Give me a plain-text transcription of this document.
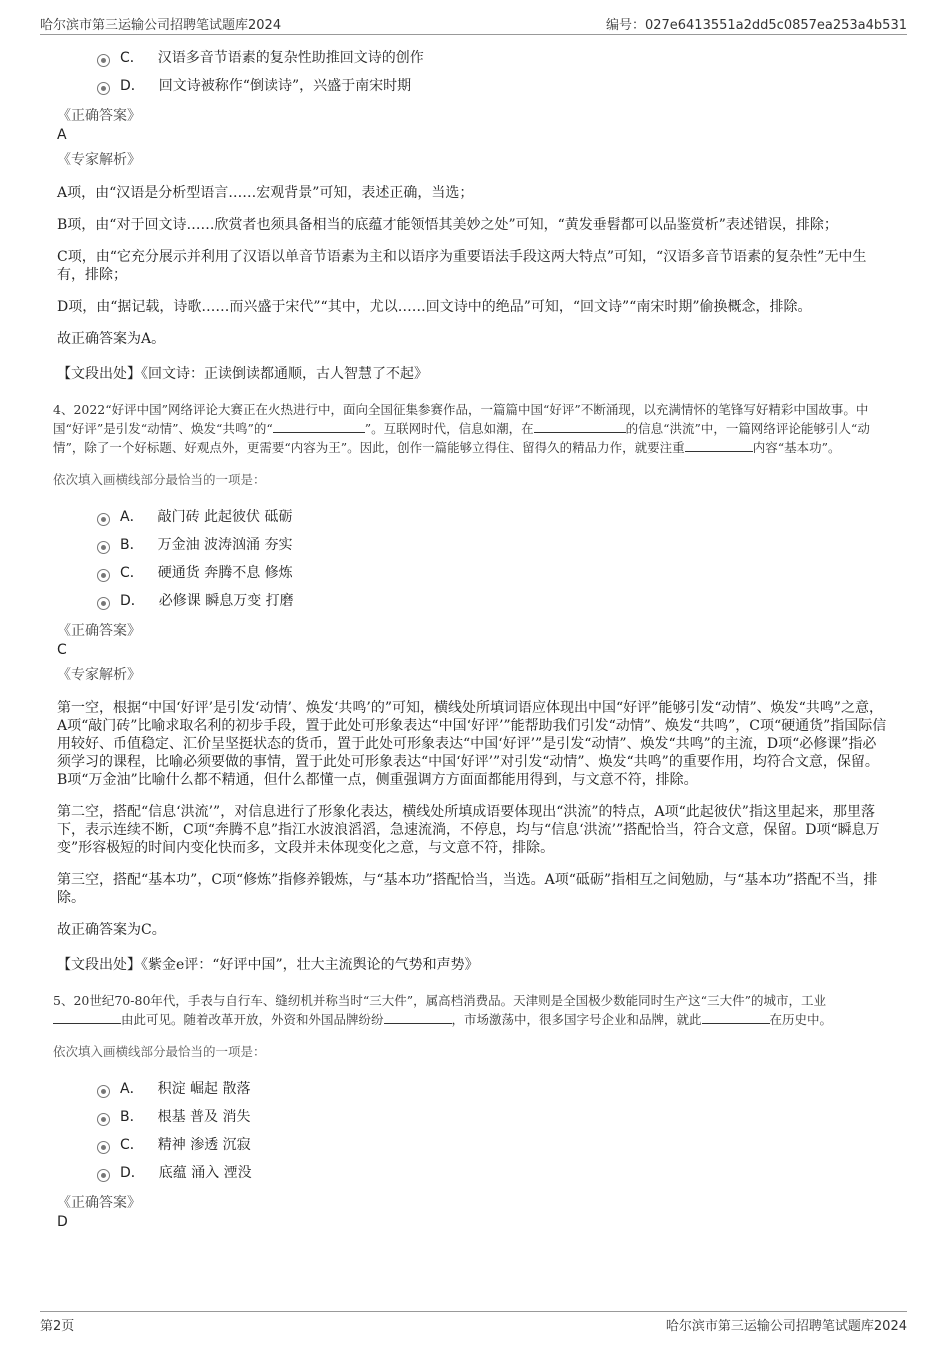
哈尔滨市第三运输公司招聘笔试题库2024	编号：027e6413551a2dd5c0857ea253a4b531
C． 汉语多音节语素的复杂性助推回文诗的创作
D． 回文诗被称作“倒读诗”，兴盛于南宋时期
《正确答案》
A
《专家解析》
A项，由“汉语是分析型语言……宏观背景”可知，表述正确，当选；
B项，由“对于回文诗……欣赏者也须具备相当的底蕴才能领悟其美妙之处”可知，“黄发垂髫都可以品鉴赏析”表述错误，排除；
C项，由“它充分展示并利用了汉语以单音节语素为主和以语序为重要语法手段这两大特点”可知，“汉语多音节语素的复杂性”无中生有，排除；
D项，由“据记载，诗歌……而兴盛于宋代”“其中，尤以……回文诗中的绝品”可知，“回文诗”“南宋时期”偷换概念，排除。
故正确答案为A。
【文段出处】《回文诗：正读倒读都通顺，古人智慧了不起》
4、2022“好评中国”网络评论大赛正在火热进行中，面向全国征集参赛作品，一篇篇中国“好评”不断涌现，以充满情怀的笔锋写好精彩中国故事。中国“好评”是引发“动情”、焕发“共鸣”的“	”。互联网时代，信息如潮，在	的信息“洪流”中，一篇网络评论能够引人“动情”，除了一个好标题、好观点外，更需要“内容为王”。因此，创作一篇能够立得住、留得久的精品力作，就要注重	内容“基本功”。
依次填入画横线部分最恰当的一项是：
A． 敲门砖 此起彼伏 砥砺
B． 万金油 波涛汹涌 夯实
C． 硬通货 奔腾不息 修炼
D． 必修课 瞬息万变 打磨
《正确答案》
C
《专家解析》
第一空，根据“中国‘好评’是引发‘动情’、焕发‘共鸣’的”可知，横线处所填词语应体现出中国“好评”能够引发“动情”、焕发“共鸣”之意，A项“敲门砖”比喻求取名利的初步手段，置于此处可形象表达“中国‘好评’”能帮助我们引发“动情”、焕发“共鸣”，C项“硬通货”指国际信用较好、币值稳定、汇价呈坚挺状态的货币，置于此处可形象表达“中国‘好评’”是引发“动情”、焕发“共鸣”的主流，D项“必修课”指必须学习的课程，比喻必须要做的事情，置于此处可形象表达“中国‘好评’”对引发“动情”、焕发“共鸣”的重要作用，均符合文意，保留。B项“万金油”比喻什么都不精通，但什么都懂一点，侧重强调方方面面都能用得到，与文意不符，排除。
第二空，搭配“信息‘洪流’”，对信息进行了形象化表达，横线处所填成语要体现出“洪流”的特点，A项“此起彼伏”指这里起来，那里落下，表示连续不断，C项“奔腾不息”指江水波浪滔滔，急速流淌，不停息，均与“信息‘洪流’”搭配恰当，符合文意，保留。D项“瞬息万变”形容极短的时间内变化快而多，文段并未体现变化之意，与文意不符，排除。
第三空，搭配“基本功”，C项“修炼”指修养锻炼，与“基本功”搭配恰当，当选。A项“砥砺”指相互之间勉励，与“基本功”搭配不当，排除。
故正确答案为C。
【文段出处】《紫金e评：“好评中国”，壮大主流舆论的气势和声势》
5、20世纪70-80年代，手表与自行车、缝纫机并称当时“三大件”，属高档消费品。天津则是全国极少数能同时生产这“三大件”的城市，工业由此可见。随着改革开放，外资和外国品牌纷纷	，市场激荡中，很多国字号企业和品牌，就此	在历史中。
依次填入画横线部分最恰当的一项是：
A． 积淀 崛起 散落
B． 根基 普及 消失
C． 精神 渗透 沉寂
D． 底蕴 涌入 湮没
《正确答案》
D
第2页	哈尔滨市第三运输公司招聘笔试题库2024
